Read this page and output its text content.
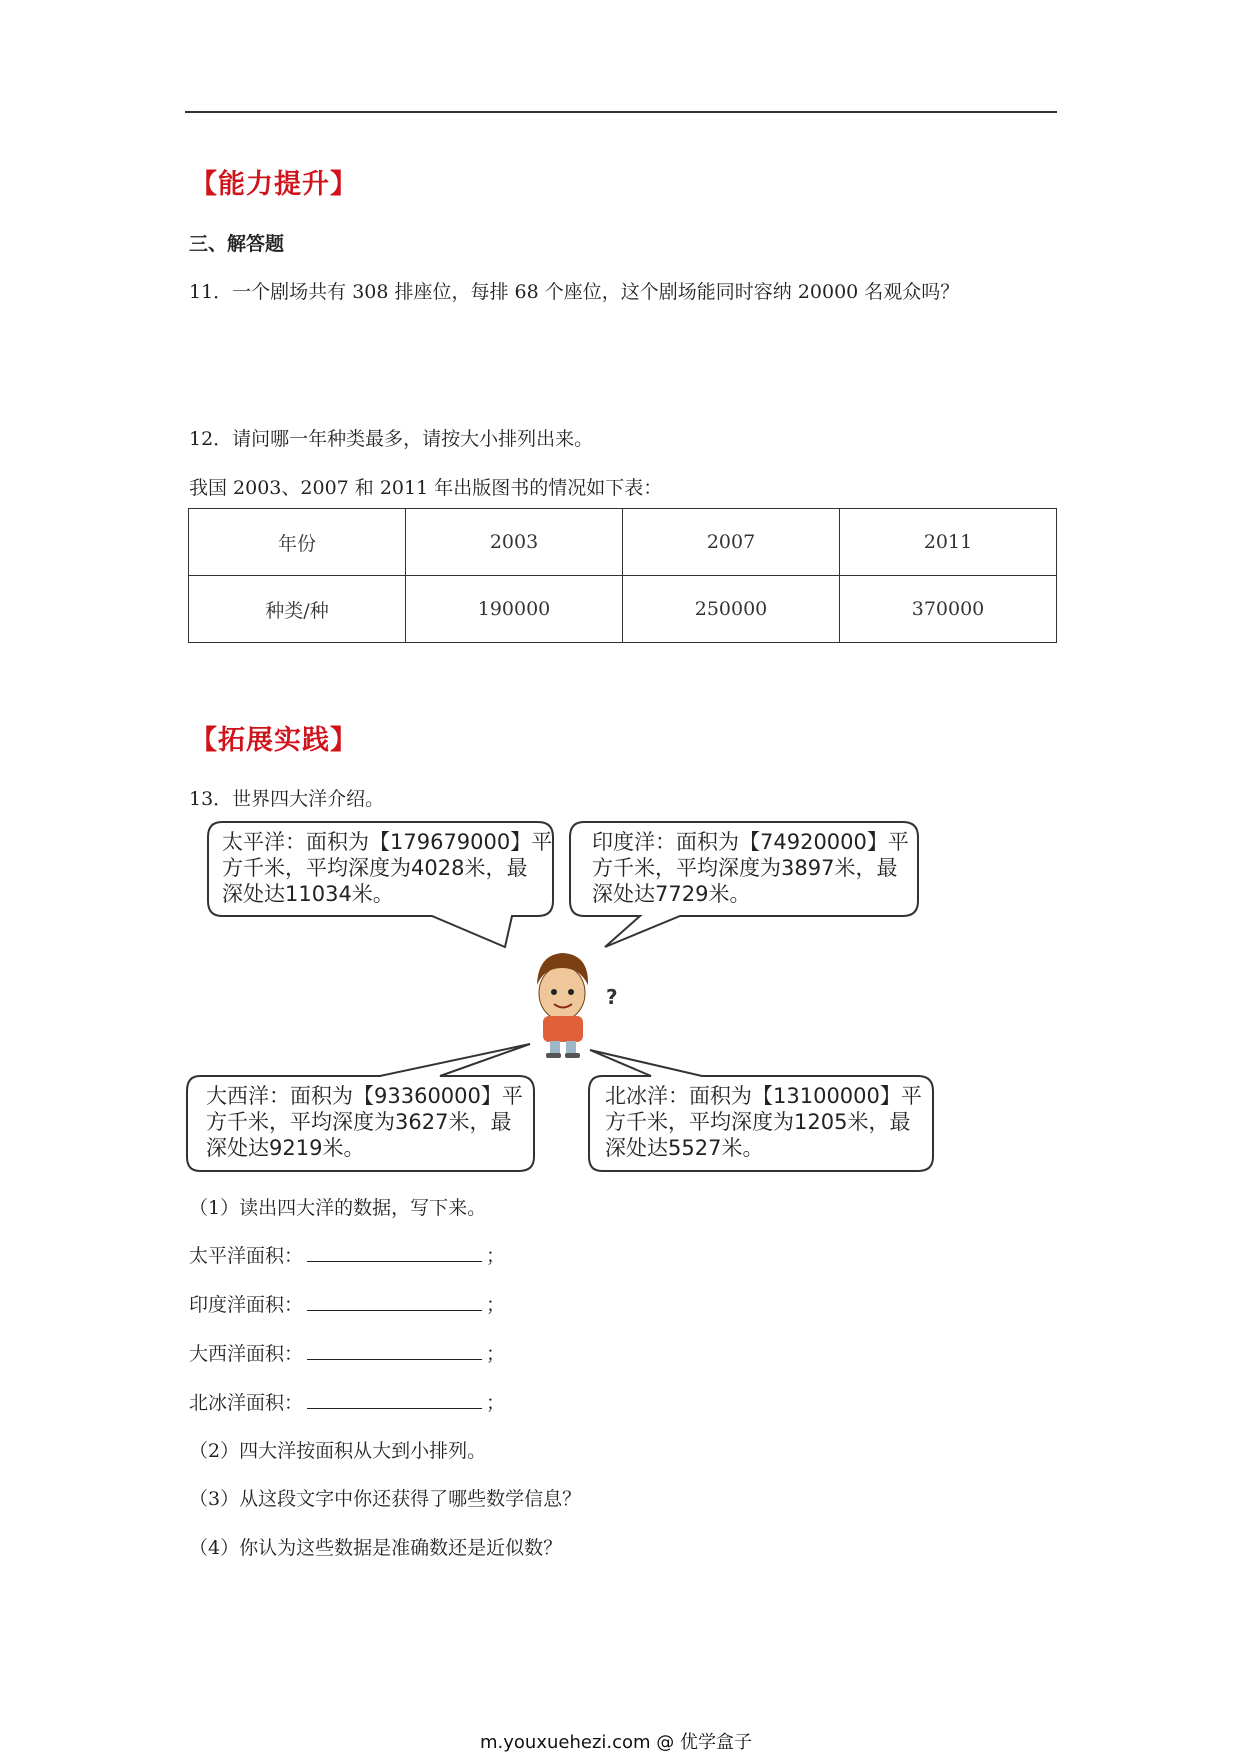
【能力提升】
三、解答题
11．一个剧场共有 308 排座位，每排 68 个座位，这个剧场能同时容纳 20000 名观众吗？
12．请问哪一年种类最多，请按大小排列出来。
我国 2003、2007 和 2011 年出版图书的情况如下表：
年份	2003	2007	2011
种类/种	190000	250000	370000
【拓展实践】
13．世界四大洋介绍。
?
太平洋：面积为【179679000】平
方千米，平均深度为4028米，最
深处达11034米。
印度洋：面积为【74920000】平
方千米，平均深度为3897米，最
深处达7729米。
大西洋：面积为【93360000】平
方千米，平均深度为3627米，最
深处达9219米。
北冰洋：面积为【13100000】平
方千米，平均深度为1205米，最
深处达5527米。
（1）读出四大洋的数据，写下来。
太平洋面积：	；
印度洋面积：	；
大西洋面积：	；
北冰洋面积：	；
（2）四大洋按面积从大到小排列。
（3）从这段文字中你还获得了哪些数学信息？
（4）你认为这些数据是准确数还是近似数？
m.youxuehezi.com @ 优学盒子
